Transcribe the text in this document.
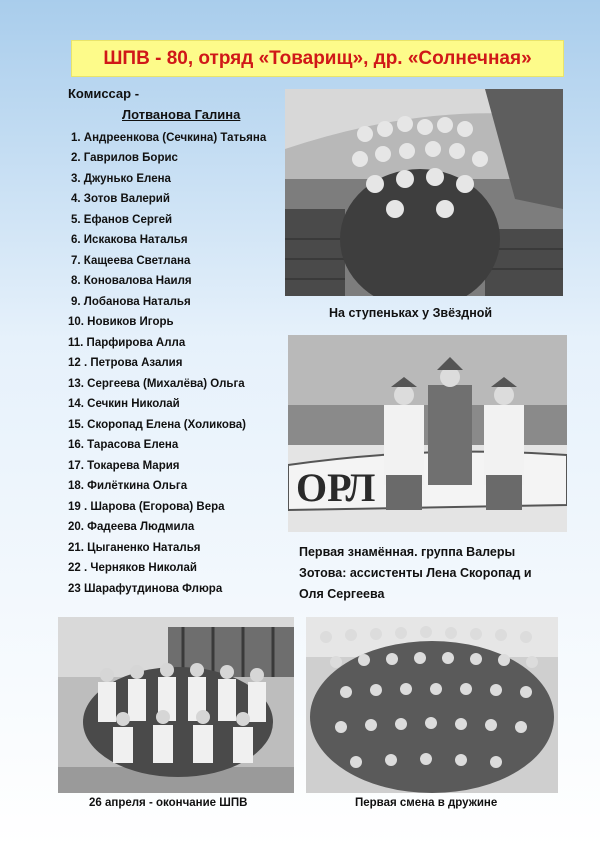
ШПВ - 80, отряд «Товарищ», др. «Солнечная»
Комиссар -
Лотванова Галина
1. Андреенкова (Сечкина) Татьяна
2. Гаврилов Борис
3. Джунько Елена
4. Зотов Валерий
5. Ефанов Сергей
6. Искакова Наталья
7. Кащеева Светлана
8. Коновалова Наиля
9. Лобанова Наталья
10. Новиков Игорь
11. Парфирова Алла
12 . Петрова Азалия
13. Сергеева (Михалёва) Ольга
14. Сечкин Николай
15. Скоропад Елена (Холикова)
16. Тарасова Елена
17. Токарева Мария
18. Филёткина Ольга
19 . Шарова (Егорова) Вера
20. Фадеева Людмила
21. Цыганенко Наталья
22 . Черняков Николай
23 Шарафутдинова Флюра
На ступеньках у Звёздной
ОРЛ
Первая знамённая. группа Валеры
Зотова: ассистенты Лена Скоропад и
Оля Сергеева
26 апреля - окончание ШПВ	Первая смена в дружине
